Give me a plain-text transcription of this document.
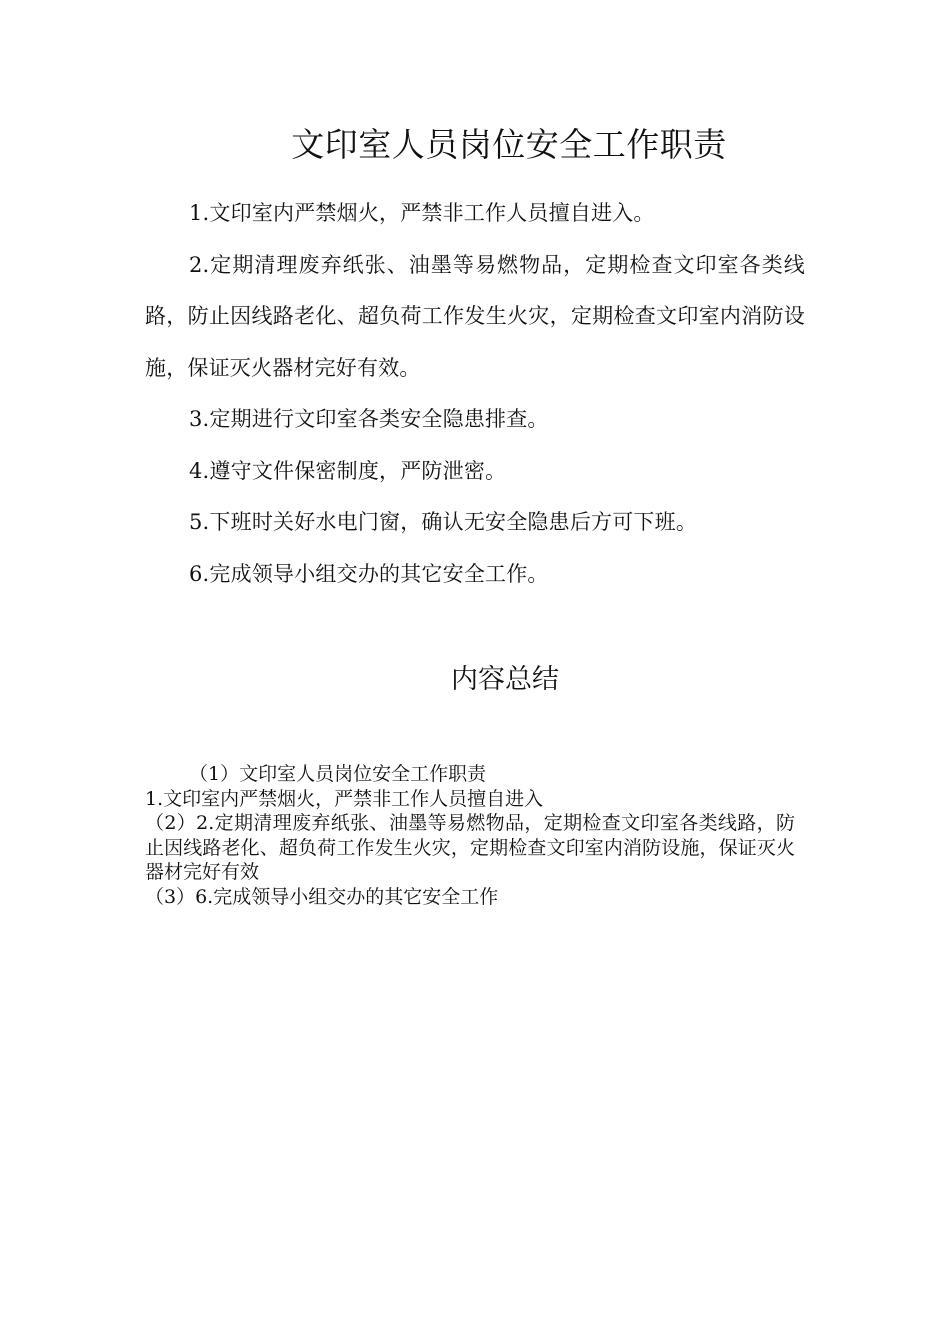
文印室人员岗位安全工作职责

1.文印室内严禁烟火，严禁非工作人员擅自进入。

2.定期清理废弃纸张、油墨等易燃物品，定期检查文印室各类线路，防止因线路老化、超负荷工作发生火灾，定期检查文印室内消防设施，保证灭火器材完好有效。

3.定期进行文印室各类安全隐患排查。

4.遵守文件保密制度，严防泄密。

5.下班时关好水电门窗，确认无安全隐患后方可下班。

6.完成领导小组交办的其它安全工作。

内容总结

（1）文印室人员岗位安全工作职责

1.文印室内严禁烟火，严禁非工作人员擅自进入

（2）2.定期清理废弃纸张、油墨等易燃物品，定期检查文印室各类线路，防止因线路老化、超负荷工作发生火灾，定期检查文印室内消防设施，保证灭火器材完好有效

（3）6.完成领导小组交办的其它安全工作
